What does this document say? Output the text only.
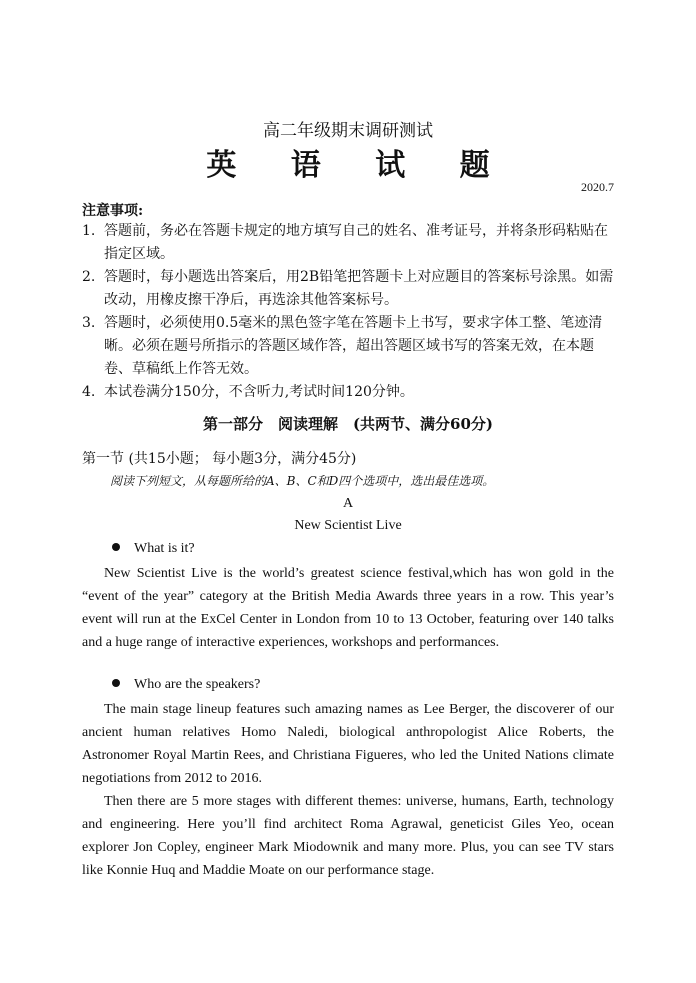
高二年级期末调研测试
英 语 试 题
2020.7
注意事项:
1. 答题前，务必在答题卡规定的地方填写自己的姓名、准考证号，并将条形码粘贴在
指定区域。
2. 答题时，每小题选出答案后，用2B铅笔把答题卡上对应题目的答案标号涂黑。如需
改动，用橡皮擦干净后，再选涂其他答案标号。
3. 答题时，必须使用0.5毫米的黑色签字笔在答题卡上书写，要求字体工整、笔迹清
晰。必须在题号所指示的答题区域作答，超出答题区域书写的答案无效，在本题卷、草稿纸上作答无效。
4. 本试卷满分150分，不含听力,考试时间120分钟。
第一部分　阅读理解　(共两节、满分60分)
第一节 (共15小题； 每小题3分，满分45分)
阅读下列短文，从每题所给的A、B、C和D四个选项中，选出最佳选项。
A
New Scientist Live
What is it?
New Scientist Live is the world’s greatest science festival,which has won gold in the “event of the year” category at the British Media Awards three years in a row. This year’s event will run at the ExCel Center in London from 10 to 13 October, featuring over 140 talks and a huge range of interactive experiences, workshops and performances.
Who are the speakers?
The main stage lineup features such amazing names as Lee Berger, the discoverer of our ancient human relatives Homo Naledi, biological anthropologist Alice Roberts, the Astronomer Royal Martin Rees, and Christiana Figueres, who led the United Nations climate negotiations from 2012 to 2016.
Then there are 5 more stages with different themes: universe, humans, Earth, technology and engineering. Here you’ll find architect Roma Agrawal, geneticist Giles Yeo, ocean explorer Jon Copley, engineer Mark Miodownik and many more. Plus, you can see TV stars like Konnie Huq and Maddie Moate on our performance stage.
